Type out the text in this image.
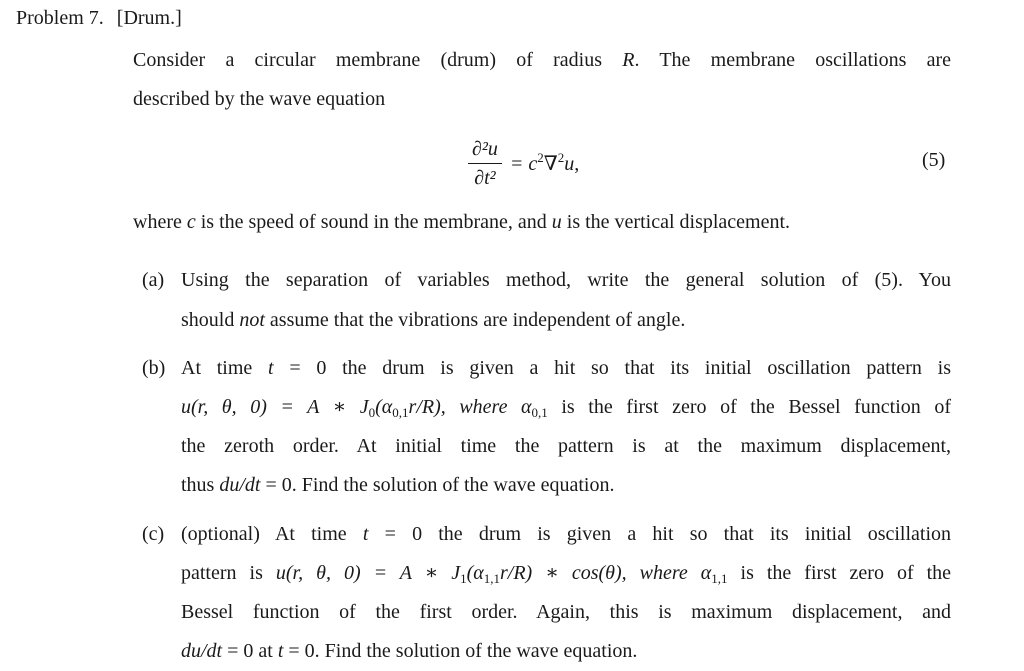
Problem 7. [Drum.]
Consider a circular membrane (drum) of radius R. The membrane oscillations are
described by the wave equation
$\frac{\text{∂²u}}{\text{∂t²}} = c^2\nabla^2u$,	(5)
where c is the speed of sound in the membrane, and u is the vertical displacement.
(a) Using the separation of variables method, write the general solution of (5). You
should not assume that the vibrations are independent of angle.
(b) At time t = 0 the drum is given a hit so that its initial oscillation pattern is
u(r, θ, 0) = A ∗ $J_0(\alpha_{0,1}r/R)$, where $\alpha_{0,1}$ is the first zero of the Bessel function of
the zeroth order. At initial time the pattern is at the maximum displacement,
thus du/dt = 0. Find the solution of the wave equation.
(c) (optional) At time t = 0 the drum is given a hit so that its initial oscillation
pattern is u(r, θ, 0) = A ∗ $J_1(\alpha_{1,1}r/R)$ ∗ cos(θ), where $\alpha_{1,1}$ is the first zero of the
Bessel function of the first order. Again, this is maximum displacement, and
du/dt = 0 at t = 0. Find the solution of the wave equation.
